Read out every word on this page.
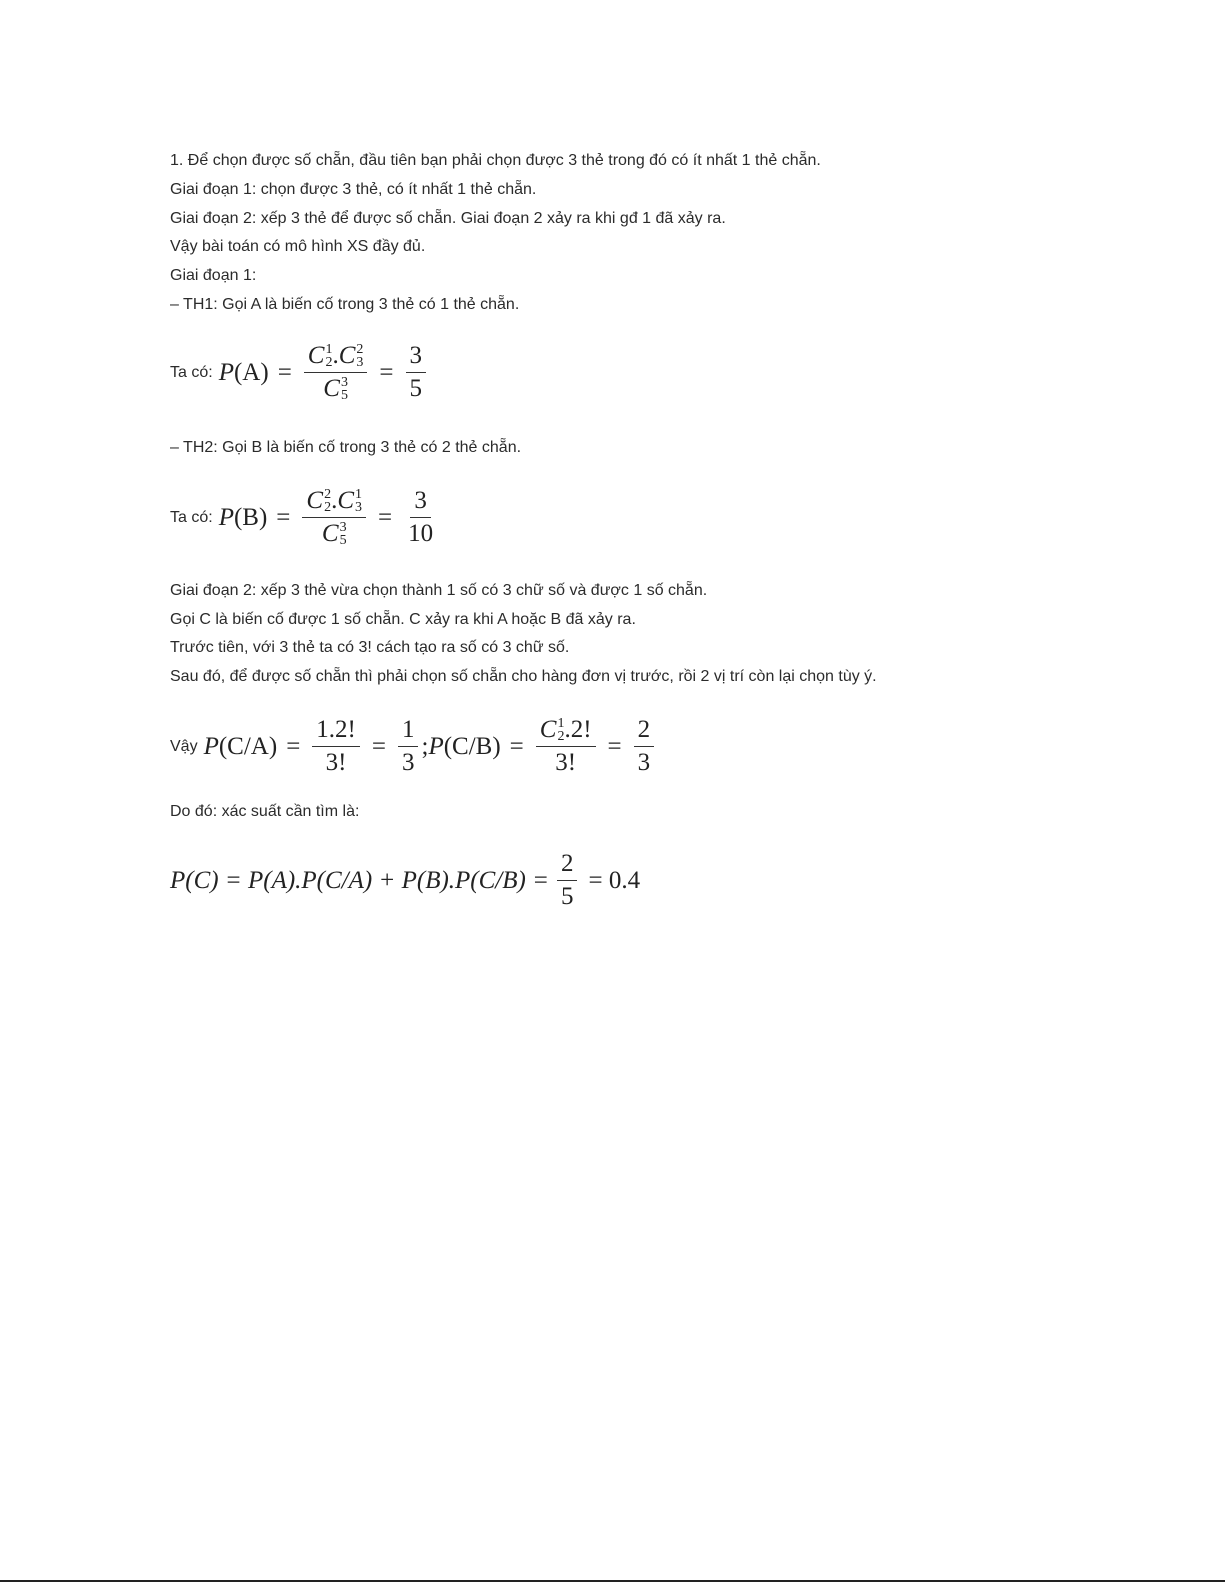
1. Để chọn được số chẵn, đầu tiên bạn phải chọn được 3 thẻ trong đó có ít nhất 1 thẻ chẵn.
Giai đoạn 1: chọn được 3 thẻ, có ít nhất 1 thẻ chẵn.
Giai đoạn 2: xếp 3 thẻ để được số chẵn. Giai đoạn 2 xảy ra khi gđ 1 đã xảy ra.
Vậy bài toán có mô hình XS đầy đủ.
Giai đoạn 1:
– TH1: Gọi A là biến cố trong 3 thẻ có 1 thẻ chẵn.
Ta có: P (A) = C 1
2 . C 2
3
C 3
$5 = \frac{3}{5}$
– TH2: Gọi B là biến cố trong 3 thẻ có 2 thẻ chẵn.
Ta có: P (B) = C 2
2 . C 1
3
C 3
$5 = \frac{3}{10}$
Giai đoạn 2: xếp 3 thẻ vừa chọn thành 1 số có 3 chữ số và được 1 số chẵn.
Gọi C là biến cố được 1 số chẵn. C xảy ra khi A hoặc B đã xảy ra.
Trước tiên, với 3 thẻ ta có 3! cách tạo ra số có 3 chữ số.
Sau đó, để được số chẵn thì phải chọn số chẵn cho hàng đơn vị trước, rồi 2 vị trí còn lại chọn tùy ý.
Vậy P $(C/A) = \frac{1.2!}{3!} = \frac{1}{3}$ ; P (C/B) = C 1
2 .2!
3! = $\frac{2}{3}$
Do đó: xác suất cần tìm là:
$P(C) = P(A).P(C/A) + P(B).P(C/B) = \frac{2}{5} = 0.4$
